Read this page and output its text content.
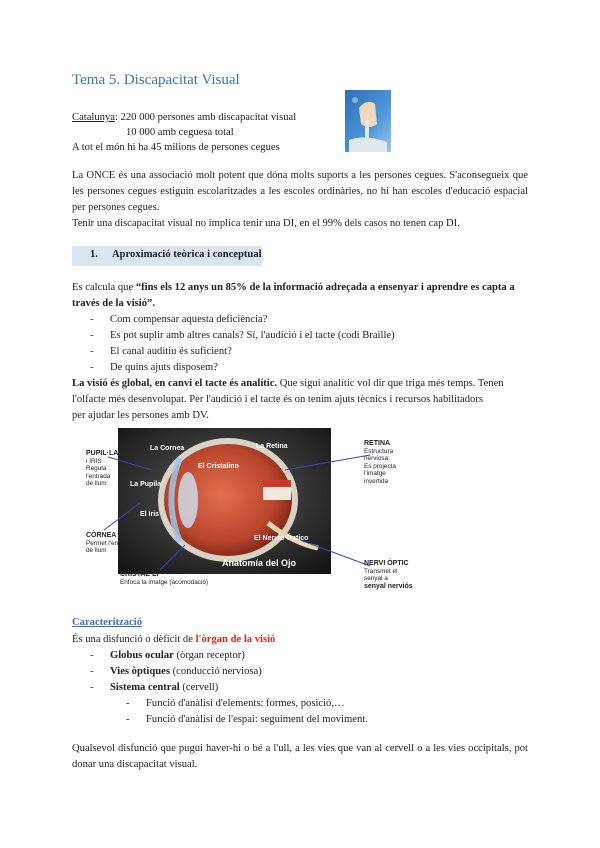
Tema 5. Discapacitat Visual
Catalunya: 220 000 persones amb discapacitat visual
10 000 amb ceguesa total
A tot el món hi ha 45 milions de persones cegues
La ONCE és una associació molt potent que dóna molts suports a les persones cegues. S'aconsegueix que les persones cegues estiguin escolaritzades a les escoles ordinàries, no hi han escoles d'educació espacial per persones cegues.
Tenir una discapacitat visual no implica tenir una DI, en el 99% dels casos no tenen cap DI.
1. Aproximació teòrica i conceptual
Es calcula que “fins els 12 anys un 85% de la informació adreçada a ensenyar i aprendre es capta a
través de la visió”.
- Com compensar aquesta deficiència?
- Es pot suplir amb altres canals? Sí, l'audició i el tacte (codi Braille)
- El canal auditiu és suficient?
- De quins ajuts disposem?
La visió és global, en canvi el tacte és analític. Que sigui analític vol dir que triga més temps. Tenen
l'olfacte més desenvolupat. Per l'audició i el tacte és on tenim ajuts tècnics i recursos habilitadors
per ajudar les persones amb DV.
Anatomía del Ojo
La Cornea
El Cristalino
La Retina
La Pupila
El Iris
El Nervio Óptico
PUPIL·LA
i IRIS
Regula
l'entrada
de llum
CÒRNEA
Permet l'entrada
de llum
CRISTAL·LÍ
Enfoca la imatge (acomodació)
RETINA
Estructura
nerviosa:
Es projecta
l'imatge
invertida
NERVI ÒPTIC
Transmet el
senyal a
senyal nerviós
Caracterització
És una disfunció o dèficit de l'òrgan de la visió
- Globus ocular (òrgan receptor)
- Vies òptiques (conducció nerviosa)
- Sistema central (cervell)
- Funció d'anàlisi d'elements: formes, posició,…
- Funció d'anàlisi de l'espai: seguiment del moviment.
Qualsevol disfunció que pugui haver-hi o bé a l'ull, a les vies que van al cervell o a les vies occipitals, pot donar una discapacitat visual.
